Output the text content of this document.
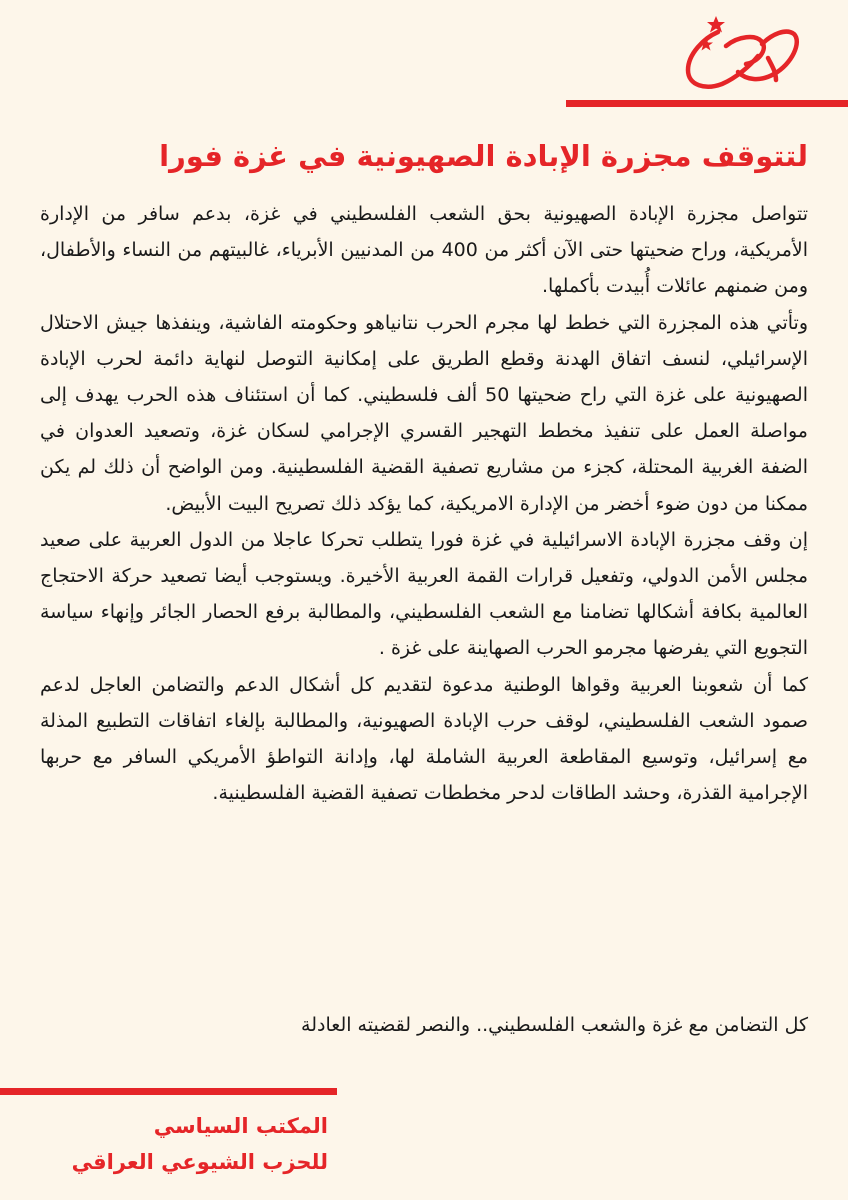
لتتوقف مجزرة الإبادة الصهيونية في غزة فورا

تتواصل مجزرة الإبادة الصهيونية بحق الشعب الفلسطيني في غزة، بدعم سافر من الإدارة الأمريكية، وراح ضحيتها حتى الآن أكثر من 400 من المدنيين الأبرياء، غالبيتهم من النساء والأطفال، ومن ضمنهم عائلات أُبيدت بأكملها.

وتأتي هذه المجزرة التي خطط لها مجرم الحرب نتانياهو وحكومته الفاشية، وينفذها جيش الاحتلال الإسرائيلي، لنسف اتفاق الهدنة وقطع الطريق على إمكانية التوصل لنهاية دائمة لحرب الإبادة الصهيونية على غزة التي راح ضحيتها 50 ألف فلسطيني. كما أن استئناف هذه الحرب يهدف إلى مواصلة العمل على تنفيذ مخطط التهجير القسري الإجرامي لسكان غزة، وتصعيد العدوان في الضفة الغربية المحتلة، كجزء من مشاريع تصفية القضية الفلسطينية. ومن الواضح أن ذلك لم يكن ممكنا من دون ضوء أخضر من الإدارة الامريكية، كما يؤكد ذلك تصريح البيت الأبيض.

إن وقف مجزرة الإبادة الاسرائيلية في غزة فورا يتطلب تحركا عاجلا من الدول العربية على صعيد مجلس الأمن الدولي، وتفعيل قرارات القمة العربية الأخيرة. ويستوجب أيضا تصعيد حركة الاحتجاج العالمية بكافة أشكالها تضامنا مع الشعب الفلسطيني، والمطالبة برفع الحصار الجائر وإنهاء سياسة التجويع التي يفرضها مجرمو الحرب الصهاينة على غزة .

كما أن شعوبنا العربية وقواها الوطنية مدعوة لتقديم كل أشكال الدعم والتضامن العاجل لدعم صمود الشعب الفلسطيني، لوقف حرب الإبادة الصهيونية، والمطالبة بإلغاء اتفاقات التطبيع المذلة مع إسرائيل، وتوسيع المقاطعة العربية الشاملة لها، وإدانة التواطؤ الأمريكي السافر مع حربها الإجرامية القذرة، وحشد الطاقات لدحر مخططات تصفية القضية الفلسطينية.

كل التضامن مع غزة والشعب الفلسطيني.. والنصر لقضيته العادلة

المكتب السياسي
للحزب الشيوعي العراقي
